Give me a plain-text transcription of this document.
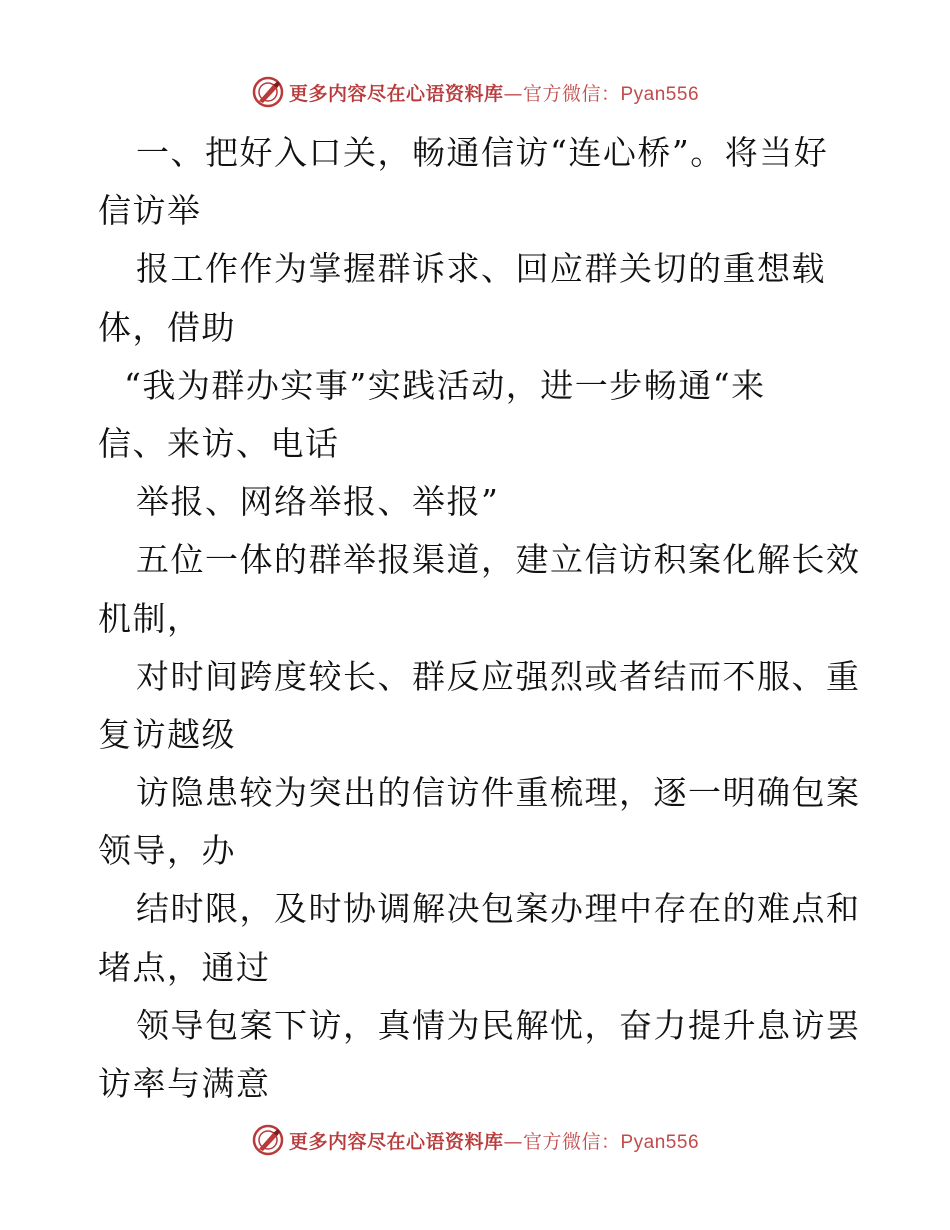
更多内容尽在心语资料库—官方微信：Pyan556
一、把好入口关，畅通信访“连心桥”。将当好
信访举
报工作作为掌握群诉求、回应群关切的重想载
体，借助
“我为群办实事”实践活动，进一步畅通“来
信、来访、电话
举报、网络举报、举报”
五位一体的群举报渠道，建立信访积案化解长效
机制，
对时间跨度较长、群反应强烈或者结而不服、重
复访越级
访隐患较为突出的信访件重梳理，逐一明确包案
领导，办
结时限，及时协调解决包案办理中存在的难点和
堵点，通过
领导包案下访，真情为民解忧，奋力提升息访罢
访率与满意
更多内容尽在心语资料库—官方微信：Pyan556
